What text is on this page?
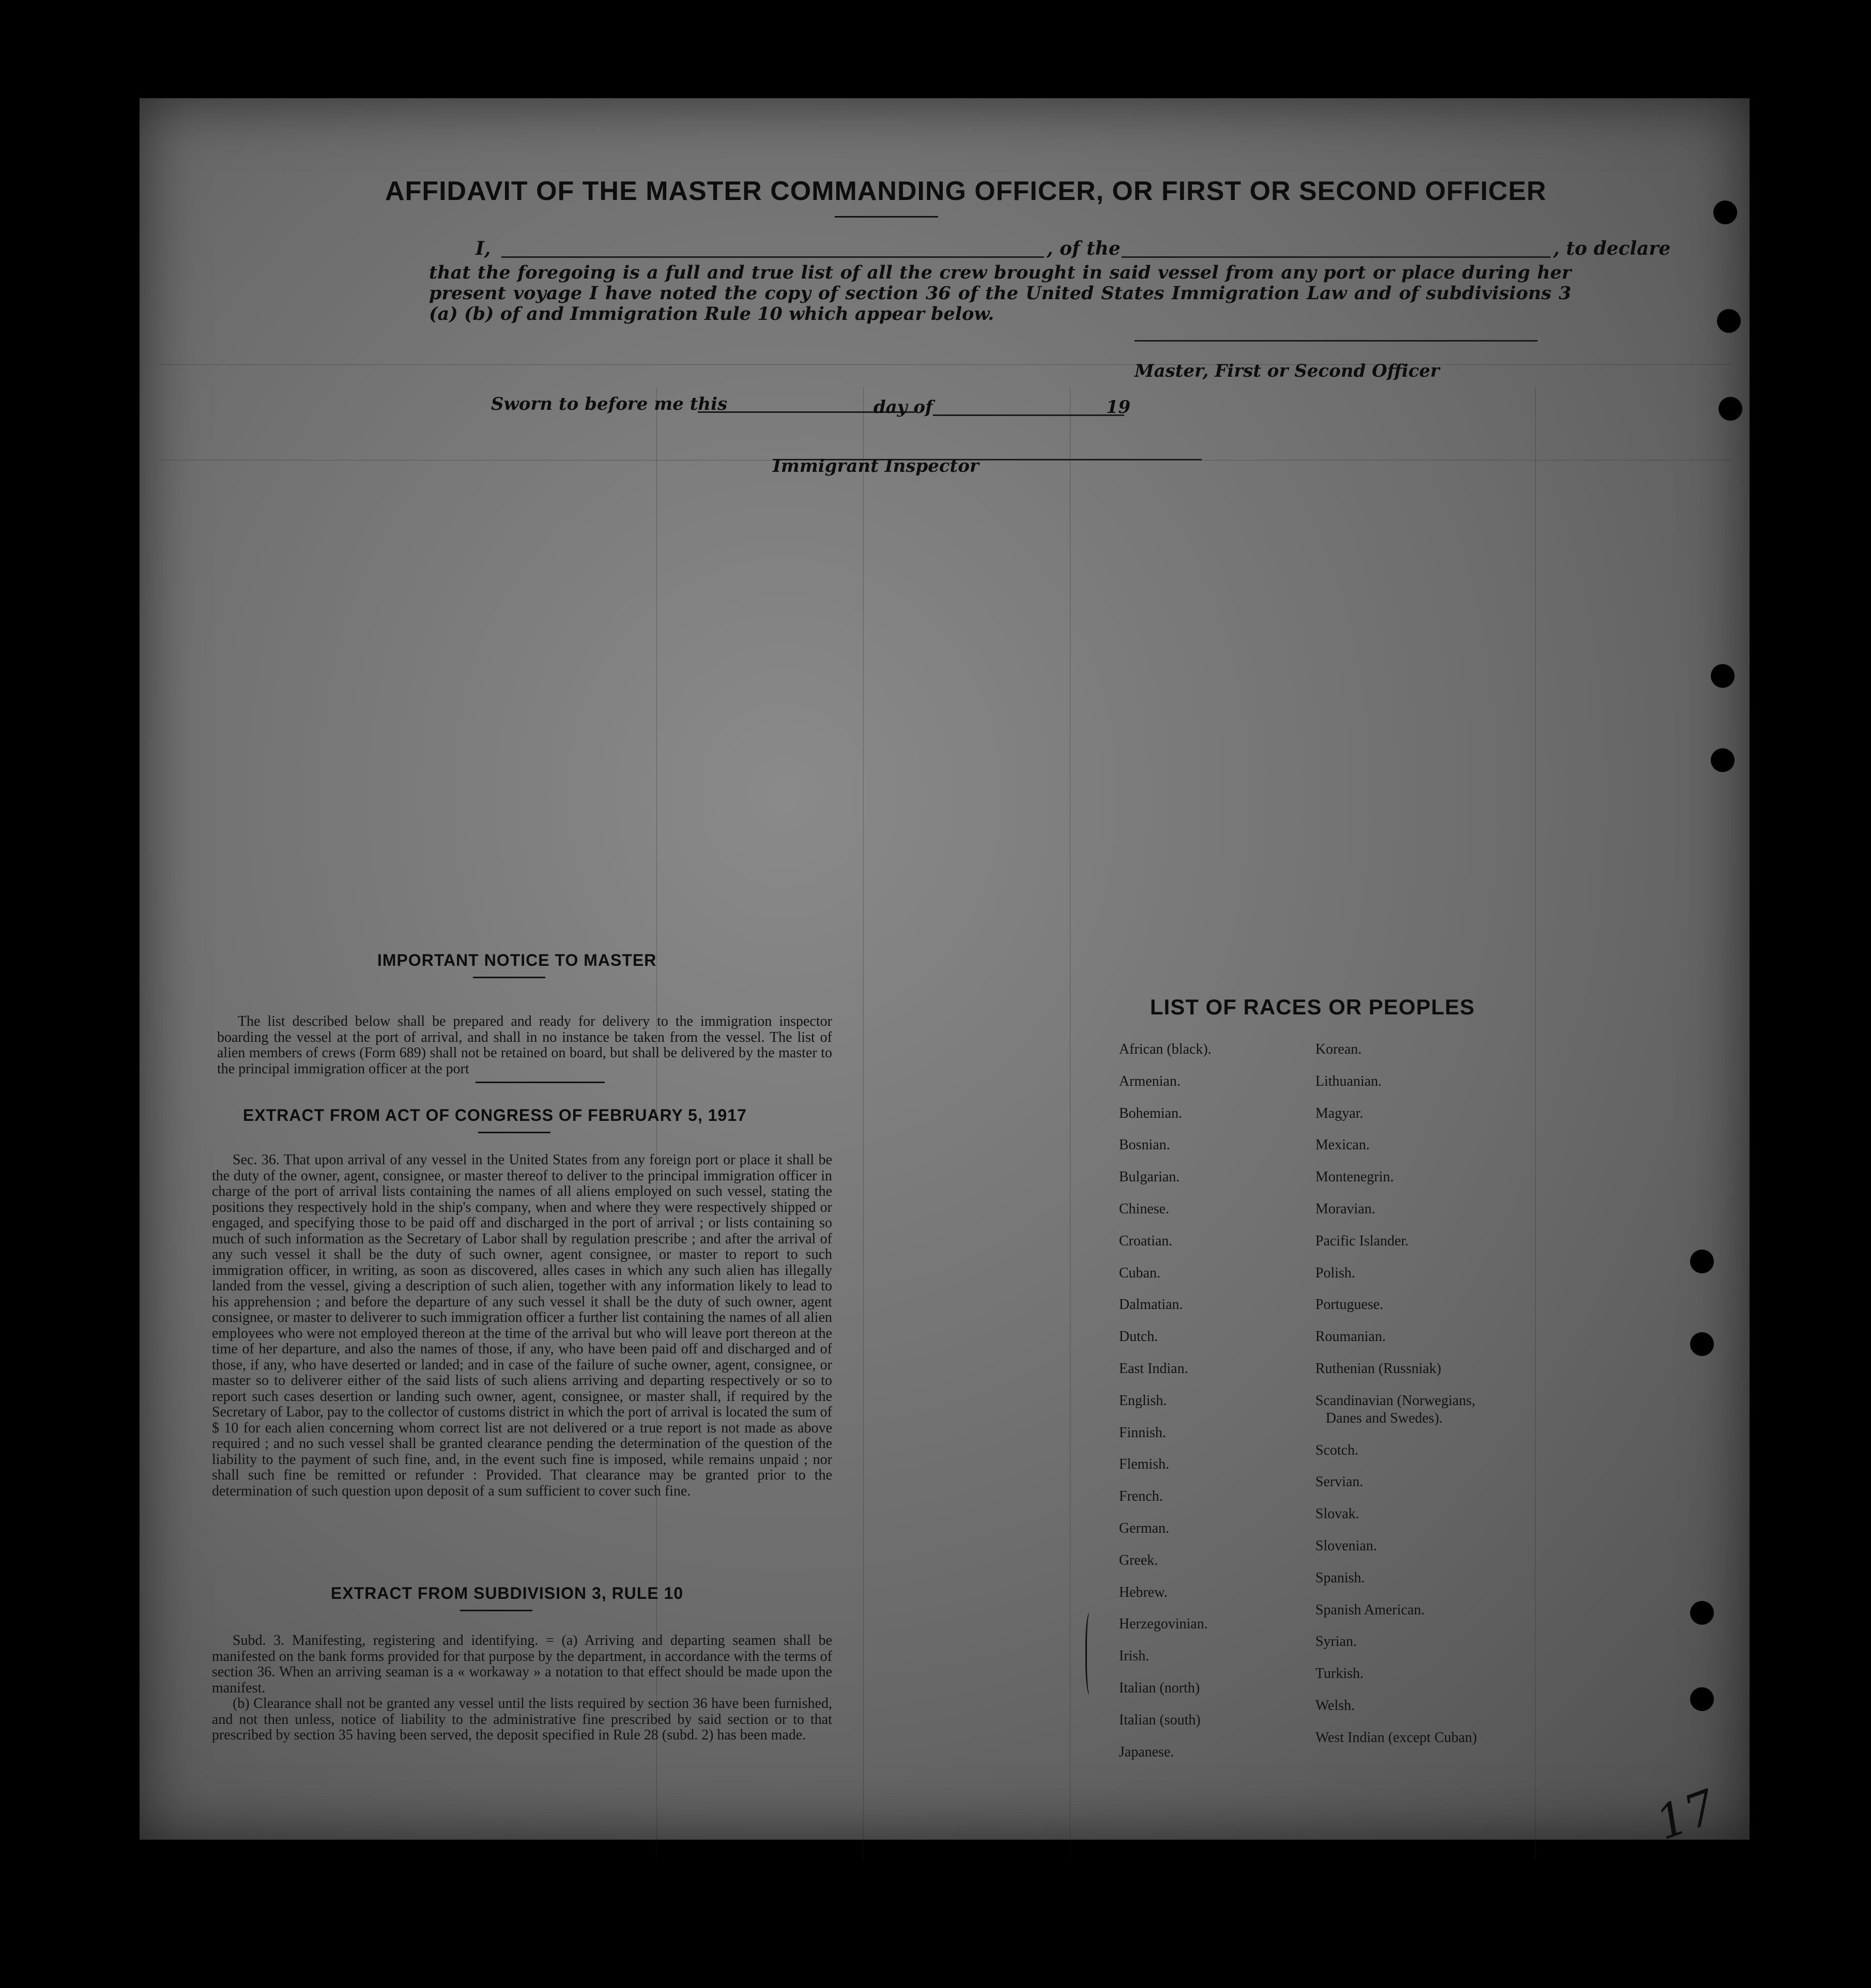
AFFIDAVIT OF THE MASTER COMMANDING OFFICER, OR FIRST OR SECOND OFFICER
I,	, of the	, to declare
that the foregoing is a full and true list of all the crew brought in said vessel from any port or place during her present voyage I have noted the copy of section 36 of the United States Immigration Law and of subdivisions 3 (a) (b) of and Immigration Rule 10 which appear below.
Master, First or Second Officer
Sworn to before me this	day of	19
Immigrant Inspector
IMPORTANT NOTICE TO MASTER
The list described below shall be prepared and ready for delivery to the immigration inspector boarding the vessel at the port of arrival, and shall in no instance be taken from the vessel. The list of alien members of crews (Form 689) shall not be retained on board, but shall be delivered by the master to the principal immigration officer at the port
EXTRACT FROM ACT OF CONGRESS OF FEBRUARY 5, 1917
Sec. 36. That upon arrival of any vessel in the United States from any foreign port or place it shall be the duty of the owner, agent, consignee, or master thereof to deliver to the principal immigration officer in charge of the port of arrival lists containing the names of all aliens employed on such vessel, stating the positions they respectively hold in the ship's company, when and where they were respectively shipped or engaged, and specifying those to be paid off and discharged in the port of arrival ; or lists containing so much of such information as the Secretary of Labor shall by regulation prescribe ; and after the arrival of any such vessel it shall be the duty of such owner, agent consignee, or master to report to such immigration officer, in writing, as soon as discovered, alles cases in which any such alien has illegally landed from the vessel, giving a description of such alien, together with any information likely to lead to his apprehension ; and before the departure of any such vessel it shall be the duty of such owner, agent consignee, or master to deliverer to such immigration officer a further list containing the names of all alien employees who were not employed thereon at the time of the arrival but who will leave port thereon at the time of her departure, and also the names of those, if any, who have been paid off and discharged and of those, if any, who have deserted or landed; and in case of the failure of suche owner, agent, consignee, or master so to deliverer either of the said lists of such aliens arriving and departing respectively or so to report such cases desertion or landing such owner, agent, consignee, or master shall, if required by the Secretary of Labor, pay to the collector of customs district in which the port of arrival is located the sum of $ 10 for each alien concerning whom correct list are not delivered or a true report is not made as above required ; and no such vessel shall be granted clearance pending the determination of the question of the liability to the payment of such fine, and, in the event such fine is imposed, while remains unpaid ; nor shall such fine be remitted or refunder : Provided. That clearance may be granted prior to the determination of such question upon deposit of a sum sufficient to cover such fine.
EXTRACT FROM SUBDIVISION 3, RULE 10
Subd. 3. Manifesting, registering and identifying. = (a) Arriving and departing seamen shall be manifested on the bank forms provided for that purpose by the department, in accordance with the terms of section 36. When an arriving seaman is a « workaway » a notation to that effect should be made upon the manifest.
(b) Clearance shall not be granted any vessel until the lists required by section 36 have been furnished, and not then unless, notice of liability to the administrative fine prescribed by said section or to that prescribed by section 35 having been served, the deposit specified in Rule 28 (subd. 2) has been made.
LIST OF RACES OR PEOPLES
African (black).
Armenian.
Bohemian.
Bosnian.
Bulgarian.
Chinese.
Croatian.
Cuban.
Dalmatian.
Dutch.
East Indian.
English.
Finnish.
Flemish.
French.
German.
Greek.
Hebrew.
Herzegovinian.
Irish.
Italian (north)
Italian (south)
Japanese.
Korean.
Lithuanian.
Magyar.
Mexican.
Montenegrin.
Moravian.
Pacific Islander.
Polish.
Portuguese.
Roumanian.
Ruthenian (Russniak)
Scandinavian (Norwegians,
Danes and Swedes).
Scotch.
Servian.
Slovak.
Slovenian.
Spanish.
Spanish American.
Syrian.
Turkish.
Welsh.
West Indian (except Cuban)
17
